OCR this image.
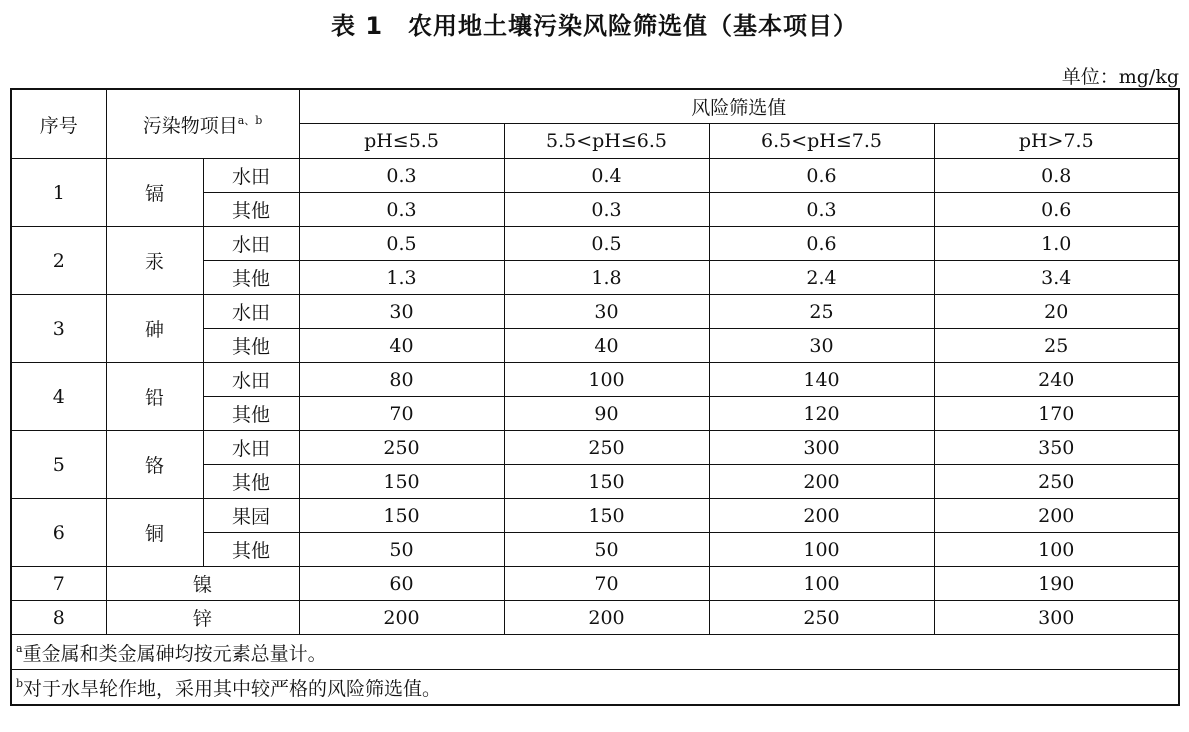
表 1　农用地土壤污染风险筛选值（基本项目）
单位：mg/kg
序号	污染物项目$^{a、b}$		风险筛选值			
			pH≤5.5	5.5<pH≤6.5	6.5<pH≤7.5	pH>7.5
1	镉	水田	0.3	0.4	0.6	0.8
		其他	0.3	0.3	0.3	0.6
2	汞	水田	0.5	0.5	0.6	1.0
		其他	1.3	1.8	2.4	3.4
3	砷	水田	30	30	25	20
		其他	40	40	30	25
4	铅	水田	80	100	140	240
		其他	70	90	120	170
5	铬	水田	250	250	300	350
		其他	150	150	200	250
6	铜	果园	150	150	200	200
		其他	50	50	100	100
7	镍		60	70	100	190
8	锌		200	200	250	300
$^a$重金属和类金属砷均按元素总量计。						
$^b$对于水旱轮作地，采用其中较严格的风险筛选值。						
